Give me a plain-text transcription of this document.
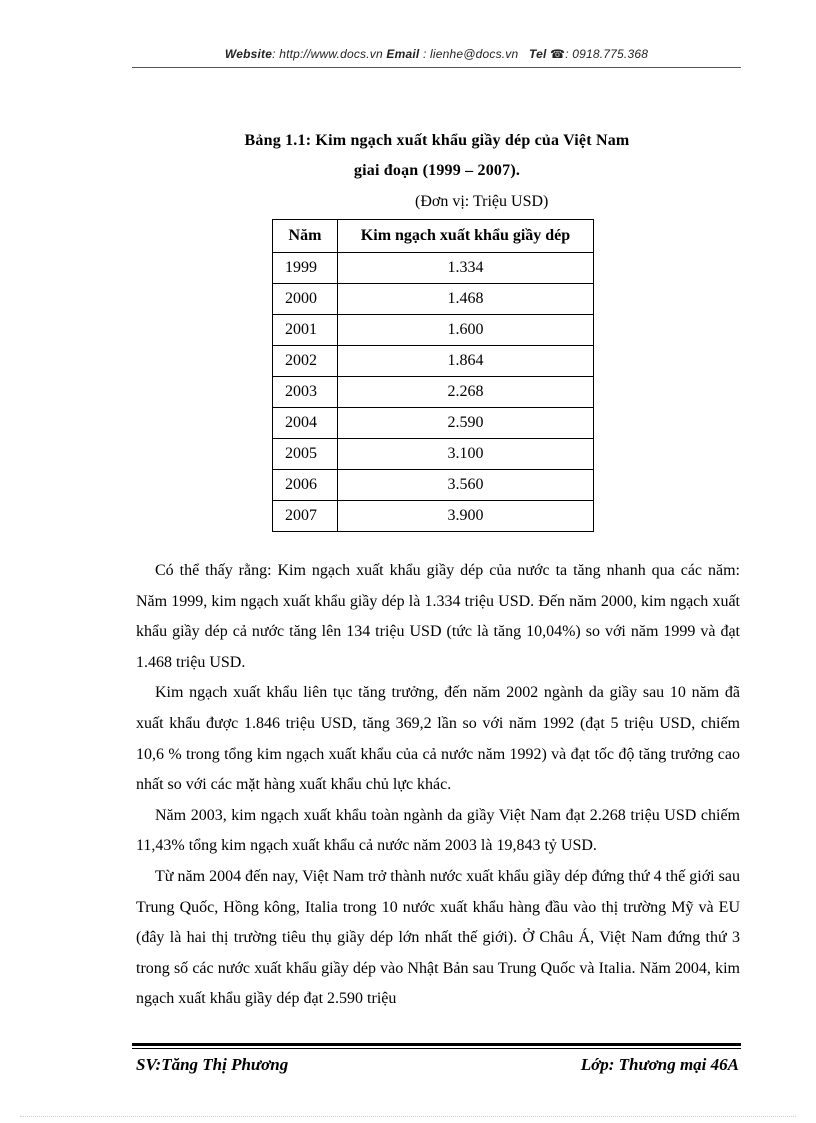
Website: http://www.docs.vn Email : lienhe@docs.vn Tel ☎: 0918.775.368
Bảng 1.1: Kim ngạch xuất khẩu giầy dép của Việt Nam
giai đoạn (1999 – 2007).
(Đơn vị: Triệu USD)
Năm	Kim ngạch xuất khẩu giầy dép
1999	1.334
2000	1.468
2001	1.600
2002	1.864
2003	2.268
2004	2.590
2005	3.100
2006	3.560
2007	3.900

Có thể thấy rằng: Kim ngạch xuất khẩu giầy dép của nước ta tăng nhanh qua các năm: Năm 1999, kim ngạch xuất khẩu giầy dép là 1.334 triệu USD. Đến năm 2000, kim ngạch xuất khẩu giầy dép cả nước tăng lên 134 triệu USD (tức là tăng 10,04%) so với năm 1999 và đạt 1.468 triệu USD.

Kim ngạch xuất khẩu liên tục tăng trưởng, đến năm 2002 ngành da giầy sau 10 năm đã xuất khẩu được 1.846 triệu USD, tăng 369,2 lần so với năm 1992 (đạt 5 triệu USD, chiếm 10,6 % trong tổng kim ngạch xuất khẩu của cả nước năm 1992) và đạt tốc độ tăng trưởng cao nhất so với các mặt hàng xuất khẩu chủ lực khác.

Năm 2003, kim ngạch xuất khẩu toàn ngành da giầy Việt Nam đạt 2.268 triệu USD chiếm 11,43% tổng kim ngạch xuất khẩu cả nước năm 2003 là 19,843 tỷ USD.

Từ năm 2004 đến nay, Việt Nam trở thành nước xuất khẩu giầy dép đứng thứ 4 thế giới sau Trung Quốc, Hồng kông, Italia trong 10 nước xuất khẩu hàng đầu vào thị trường Mỹ và EU (đây là hai thị trường tiêu thụ giầy dép lớn nhất thế giới). Ở Châu Á, Việt Nam đứng thứ 3 trong số các nước xuất khẩu giầy dép vào Nhật Bản sau Trung Quốc và Italia. Năm 2004, kim ngạch xuất khẩu giầy dép đạt 2.590 triệu

SV:Tăng Thị Phương	Lớp: Thương mại 46A
